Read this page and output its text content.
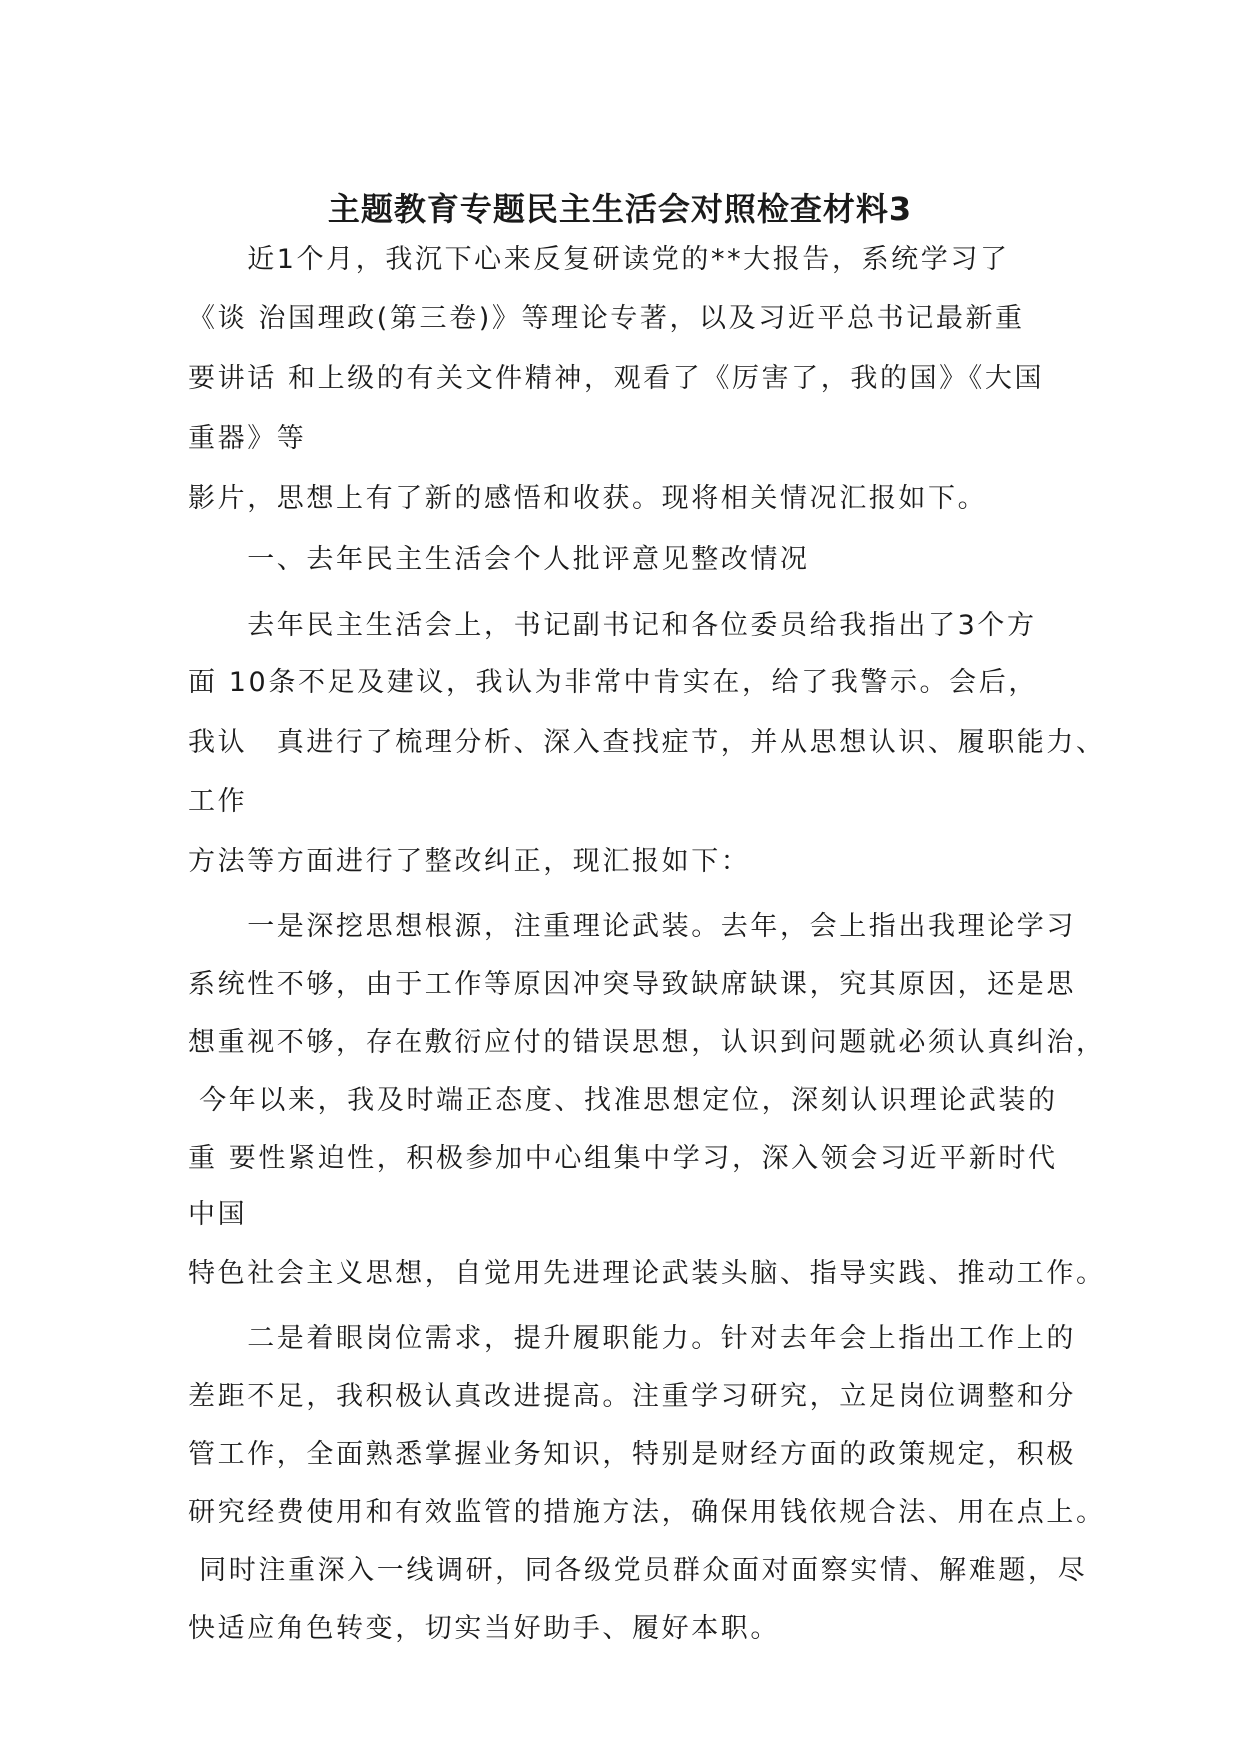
主题教育专题民主生活会对照检查材料3
　　近1个月，我沉下心来反复研读党的**大报告，系统学习了
《谈 治国理政(第三卷)》等理论专著，以及习近平总书记最新重
要讲话 和上级的有关文件精神，观看了《厉害了，我的国》《大国
重器》等
影片，思想上有了新的感悟和收获。现将相关情况汇报如下。
　　一、去年民主生活会个人批评意见整改情况
　　去年民主生活会上，书记副书记和各位委员给我指出了3个方
面 10条不足及建议，我认为非常中肯实在，给了我警示。会后，
我认　真进行了梳理分析、深入查找症节，并从思想认识、履职能力、
工作
方法等方面进行了整改纠正，现汇报如下：
　　一是深挖思想根源，注重理论武装。去年，会上指出我理论学习
系统性不够，由于工作等原因冲突导致缺席缺课，究其原因，还是思
想重视不够，存在敷衍应付的错误思想，认识到问题就必须认真纠治，
今年以来，我及时端正态度、找准思想定位，深刻认识理论武装的
重 要性紧迫性，积极参加中心组集中学习，深入领会习近平新时代
中国
特色社会主义思想，自觉用先进理论武装头脑、指导实践、推动工作。
　　二是着眼岗位需求，提升履职能力。针对去年会上指出工作上的
差距不足，我积极认真改进提高。注重学习研究，立足岗位调整和分
管工作，全面熟悉掌握业务知识，特别是财经方面的政策规定，积极
研究经费使用和有效监管的措施方法，确保用钱依规合法、用在点上。
同时注重深入一线调研，同各级党员群众面对面察实情、解难题，尽
快适应角色转变，切实当好助手、履好本职。
